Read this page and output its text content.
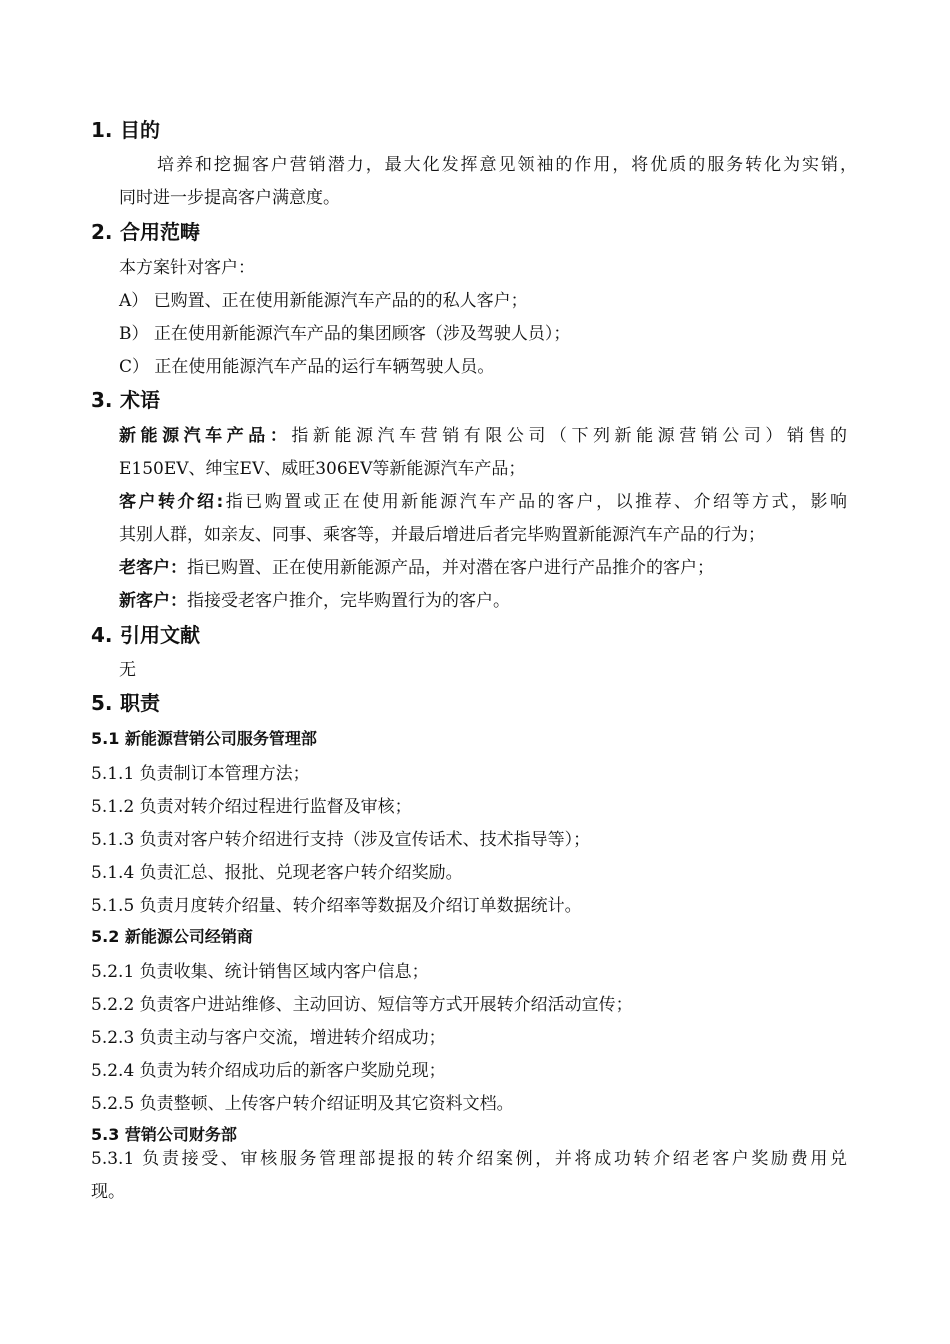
1. 目的
培养和挖掘客户营销潜力，最大化发挥意见领袖的作用，将优质的服务转化为实销，
同时进一步提高客户满意度。
2. 合用范畴
本方案针对客户：
A） 已购置、正在使用新能源汽车产品的的私人客户；
B） 正在使用新能源汽车产品的集团顾客（涉及驾驶人员）；
C） 正在使用能源汽车产品的运行车辆驾驶人员。
3. 术语
新能源汽车产品：指新能源汽车营销有限公司（下列新能源营销公司）销售的
E150EV、绅宝EV、威旺306EV等新能源汽车产品；
客户转介绍:指已购置或正在使用新能源汽车产品的客户，以推荐、介绍等方式，影响
其别人群，如亲友、同事、乘客等，并最后增进后者完毕购置新能源汽车产品的行为；
老客户：指已购置、正在使用新能源产品，并对潜在客户进行产品推介的客户；
新客户：指接受老客户推介，完毕购置行为的客户。
4. 引用文献
无
5. 职责
5.1 新能源营销公司服务管理部
5.1.1 负责制订本管理方法；
5.1.2 负责对转介绍过程进行监督及审核；
5.1.3 负责对客户转介绍进行支持（涉及宣传话术、技术指导等）；
5.1.4 负责汇总、报批、兑现老客户转介绍奖励。
5.1.5 负责月度转介绍量、转介绍率等数据及介绍订单数据统计。
5.2 新能源公司经销商
5.2.1 负责收集、统计销售区域内客户信息；
5.2.2 负责客户进站维修、主动回访、短信等方式开展转介绍活动宣传；
5.2.3 负责主动与客户交流，增进转介绍成功；
5.2.4 负责为转介绍成功后的新客户奖励兑现；
5.2.5 负责整顿、上传客户转介绍证明及其它资料文档。
5.3 营销公司财务部
5.3.1 负责接受、审核服务管理部提报的转介绍案例，并将成功转介绍老客户奖励费用兑
现。
